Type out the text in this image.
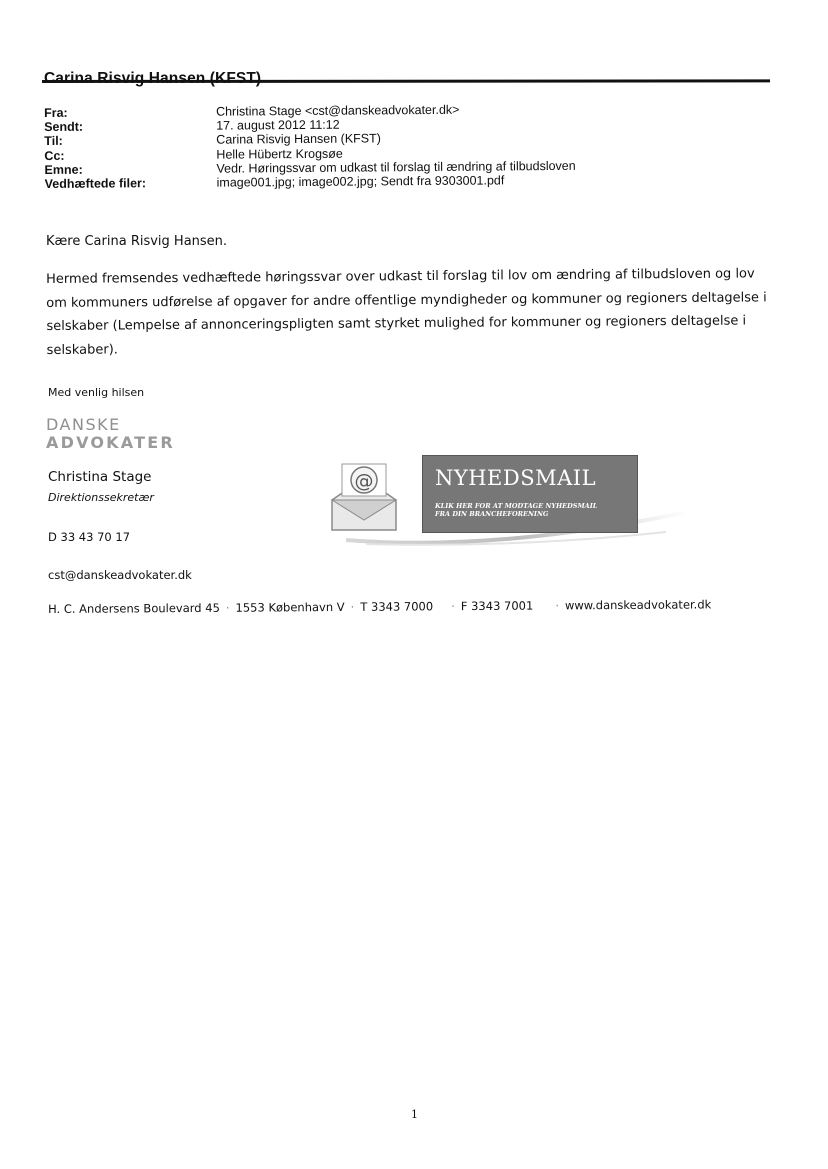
Carina Risvig Hansen (KFST)
Fra:	Christina Stage <cst@danskeadvokater.dk>
Sendt:	17. august 2012 11:12
Til:	Carina Risvig Hansen (KFST)
Cc:	Helle Hübertz Krogsøe
Emne:	Vedr. Høringssvar om udkast til forslag til ændring af tilbudsloven
Vedhæftede filer:	image001.jpg; image002.jpg; Sendt fra 9303001.pdf
Kære Carina Risvig Hansen.
Hermed fremsendes vedhæftede høringssvar over udkast til forslag til lov om ændring af tilbudsloven og lov om kommuners udførelse af opgaver for andre offentlige myndigheder og kommuner og regioners deltagelse i selskaber (Lempelse af annonceringspligten samt styrket mulighed for kommuner og regioners deltagelse i selskaber).
Med venlig hilsen
DANSKE
ADVOKATER
Christina Stage
Direktionssekretær
D 33 43 70 17
cst@danskeadvokater.dk
H. C. Andersens Boulevard 45 · 1553 København V · T 3343 7000 · F 3343 7001 · www.danskeadvokater.dk
@	NYHEDSMAIL
KLIK HER FOR AT MODTAGE NYHEDSMAIL
FRA DIN BRANCHEFORENING
1
